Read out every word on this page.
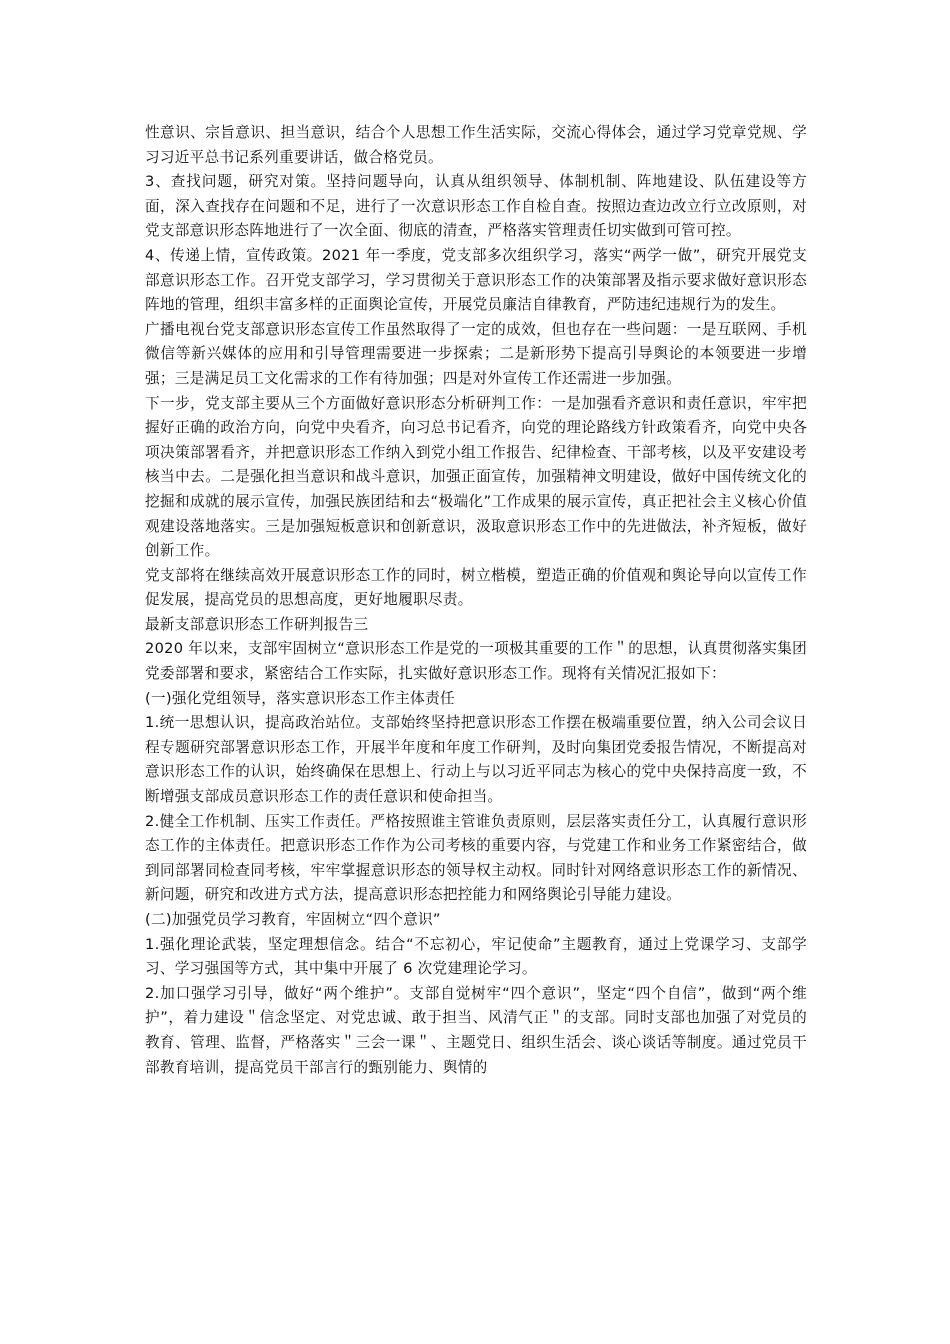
性意识、宗旨意识、担当意识，结合个人思想工作生活实际，交流心得体会，通过学习党章党规、学习习近平总书记系列重要讲话，做合格党员。

3、查找问题，研究对策。坚持问题导向，认真从组织领导、体制机制、阵地建设、队伍建设等方面，深入查找存在问题和不足，进行了一次意识形态工作自检自查。按照边查边改立行立改原则，对党支部意识形态阵地进行了一次全面、彻底的清查，严格落实管理责任切实做到可管可控。

4、传递上情，宣传政策。2021 年一季度，党支部多次组织学习，落实“两学一做”，研究开展党支部意识形态工作。召开党支部学习，学习贯彻关于意识形态工作的决策部署及指示要求做好意识形态阵地的管理，组织丰富多样的正面舆论宣传，开展党员廉洁自律教育，严防违纪违规行为的发生。

广播电视台党支部意识形态宣传工作虽然取得了一定的成效，但也存在一些问题：一是互联网、手机微信等新兴媒体的应用和引导管理需要进一步探索；二是新形势下提高引导舆论的本领要进一步增强；三是满足员工文化需求的工作有待加强；四是对外宣传工作还需进一步加强。

下一步，党支部主要从三个方面做好意识形态分析研判工作：一是加强看齐意识和责任意识，牢牢把握好正确的政治方向，向党中央看齐，向习总书记看齐，向党的理论路线方针政策看齐，向党中央各项决策部署看齐，并把意识形态工作纳入到党小组工作报告、纪律检查、干部考核，以及平安建设考核当中去。二是强化担当意识和战斗意识，加强正面宣传，加强精神文明建设，做好中国传统文化的挖掘和成就的展示宣传，加强民族团结和去“极端化”工作成果的展示宣传，真正把社会主义核心价值观建设落地落实。三是加强短板意识和创新意识，汲取意识形态工作中的先进做法，补齐短板，做好创新工作。

党支部将在继续高效开展意识形态工作的同时，树立楷模，塑造正确的价值观和舆论导向以宣传工作促发展，提高党员的思想高度，更好地履职尽责。

最新支部意识形态工作研判报告三

2020 年以来，支部牢固树立“意识形态工作是党的一项极其重要的工作＂的思想，认真贯彻落实集团党委部署和要求，紧密结合工作实际，扎实做好意识形态工作。现将有关情况汇报如下：

(一)强化党组领导，落实意识形态工作主体责任

1.统一思想认识，提高政治站位。支部始终坚持把意识形态工作摆在极端重要位置，纳入公司会议日程专题研究部署意识形态工作，开展半年度和年度工作研判，及时向集团党委报告情况，不断提高对意识形态工作的认识，始终确保在思想上、行动上与以习近平同志为核心的党中央保持高度一致，不断增强支部成员意识形态工作的责任意识和使命担当。

2.健全工作机制、压实工作责任。严格按照谁主管谁负责原则，层层落实责任分工，认真履行意识形态工作的主体责任。把意识形态工作作为公司考核的重要内容，与党建工作和业务工作紧密结合，做到同部署同检查同考核，牢牢掌握意识形态的领导权主动权。同时针对网络意识形态工作的新情况、新问题，研究和改进方式方法，提高意识形态把控能力和网络舆论引导能力建设。

(二)加强党员学习教育，牢固树立“四个意识”

1.强化理论武装，坚定理想信念。结合“不忘初心，牢记使命”主题教育，通过上党课学习、支部学习、学习强国等方式，其中集中开展了 6 次党建理论学习。

2.加口强学习引导，做好“两个维护”。支部自觉树牢“四个意识”，坚定“四个自信”，做到“两个维护”，着力建设＂信念坚定、对党忠诚、敢于担当、风清气正＂的支部。同时支部也加强了对党员的教育、管理、监督，严格落实＂三会一课＂、主题党日、组织生活会、谈心谈话等制度。通过党员干部教育培训，提高党员干部言行的甄别能力、舆情的
